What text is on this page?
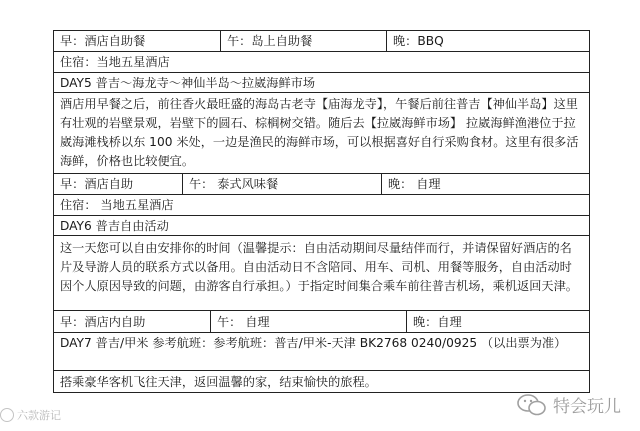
早：酒店自助餐	午：岛上自助餐	晚：BBQ
住宿：当地五星酒店
DAY5 普吉～海龙寺～神仙半岛～拉崴海鲜市场
酒店用早餐之后，前往香火最旺盛的海岛古老寺【庙海龙寺】，午餐后前往普吉【神仙半岛】这里有壮观的岩壁景观，岩壁下的圆石、棕榈树交错。随后去【拉崴海鲜市场】 拉崴海鲜渔港位于拉崴海滩栈桥以东 100 米处，一边是渔民的海鲜市场，可以根据喜好自行采购食材。这里有很多活海鲜，价格也比较便宜。
早：酒店自助	午： 泰式风味餐	晚： 自理
住宿： 当地五星酒店
DAY6 普吉自由活动
这一天您可以自由安排你的时间（温馨提示：自由活动期间尽量结伴而行，并请保留好酒店的名片及导游人员的联系方式以备用。自由活动日不含陪同、用车、司机、用餐等服务，自由活动时因个人原因导致的问题，由游客自行承担。）于指定时间集合乘车前往普吉机场，乘机返回天津。
早：酒店内自助	午： 自理	晚：自理
DAY7 普吉/甲米 参考航班：参考航班：普吉/甲米-天津 BK2768 0240/0925 （以出票为准）
搭乘豪华客机飞往天津，返回温馨的家，结束愉快的旅程。
六款游记	特会玩儿
